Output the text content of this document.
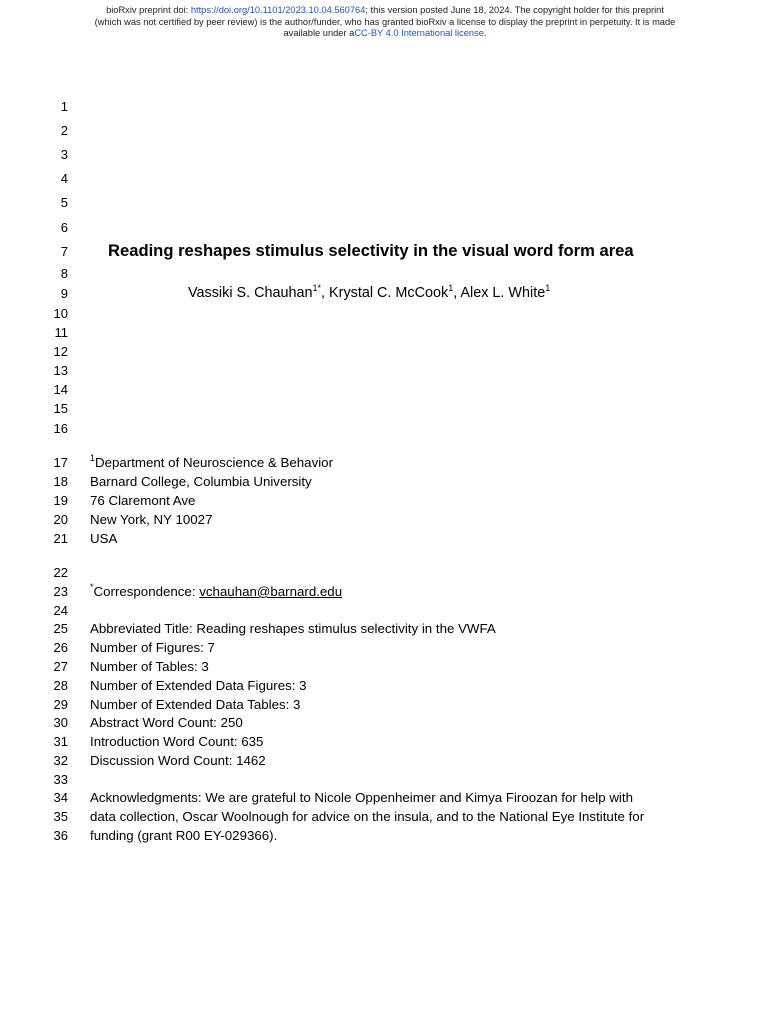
bioRxiv preprint doi: https://doi.org/10.1101/2023.10.04.560764; this version posted June 18, 2024. The copyright holder for this preprint
(which was not certified by peer review) is the author/funder, who has granted bioRxiv a license to display the preprint in perpetuity. It is made
available under aCC-BY 4.0 International license.
1
2
3
4
5
6
7
8
9
10
11
12
13
14
15
16
17
18
19
20
21
22
23
24
25
26
27
28
29
30
31
32
33
34
35
36
Reading reshapes stimulus selectivity in the visual word form area
Vassiki S. Chauhan$^{1*}$, Krystal C. McCook$^1$, Alex L. White$^1$
$^1$Department of Neuroscience & Behavior
Barnard College, Columbia University
76 Claremont Ave
New York, NY 10027
USA
*Correspondence: vchauhan@barnard.edu
Abbreviated Title: Reading reshapes stimulus selectivity in the VWFA
Number of Figures: 7
Number of Tables: 3
Number of Extended Data Figures: 3
Number of Extended Data Tables: 3
Abstract Word Count: 250
Introduction Word Count: 635
Discussion Word Count: 1462
Acknowledgments: We are grateful to Nicole Oppenheimer and Kimya Firoozan for help with
data collection, Oscar Woolnough for advice on the insula, and to the National Eye Institute for
funding (grant R00 EY-029366).
